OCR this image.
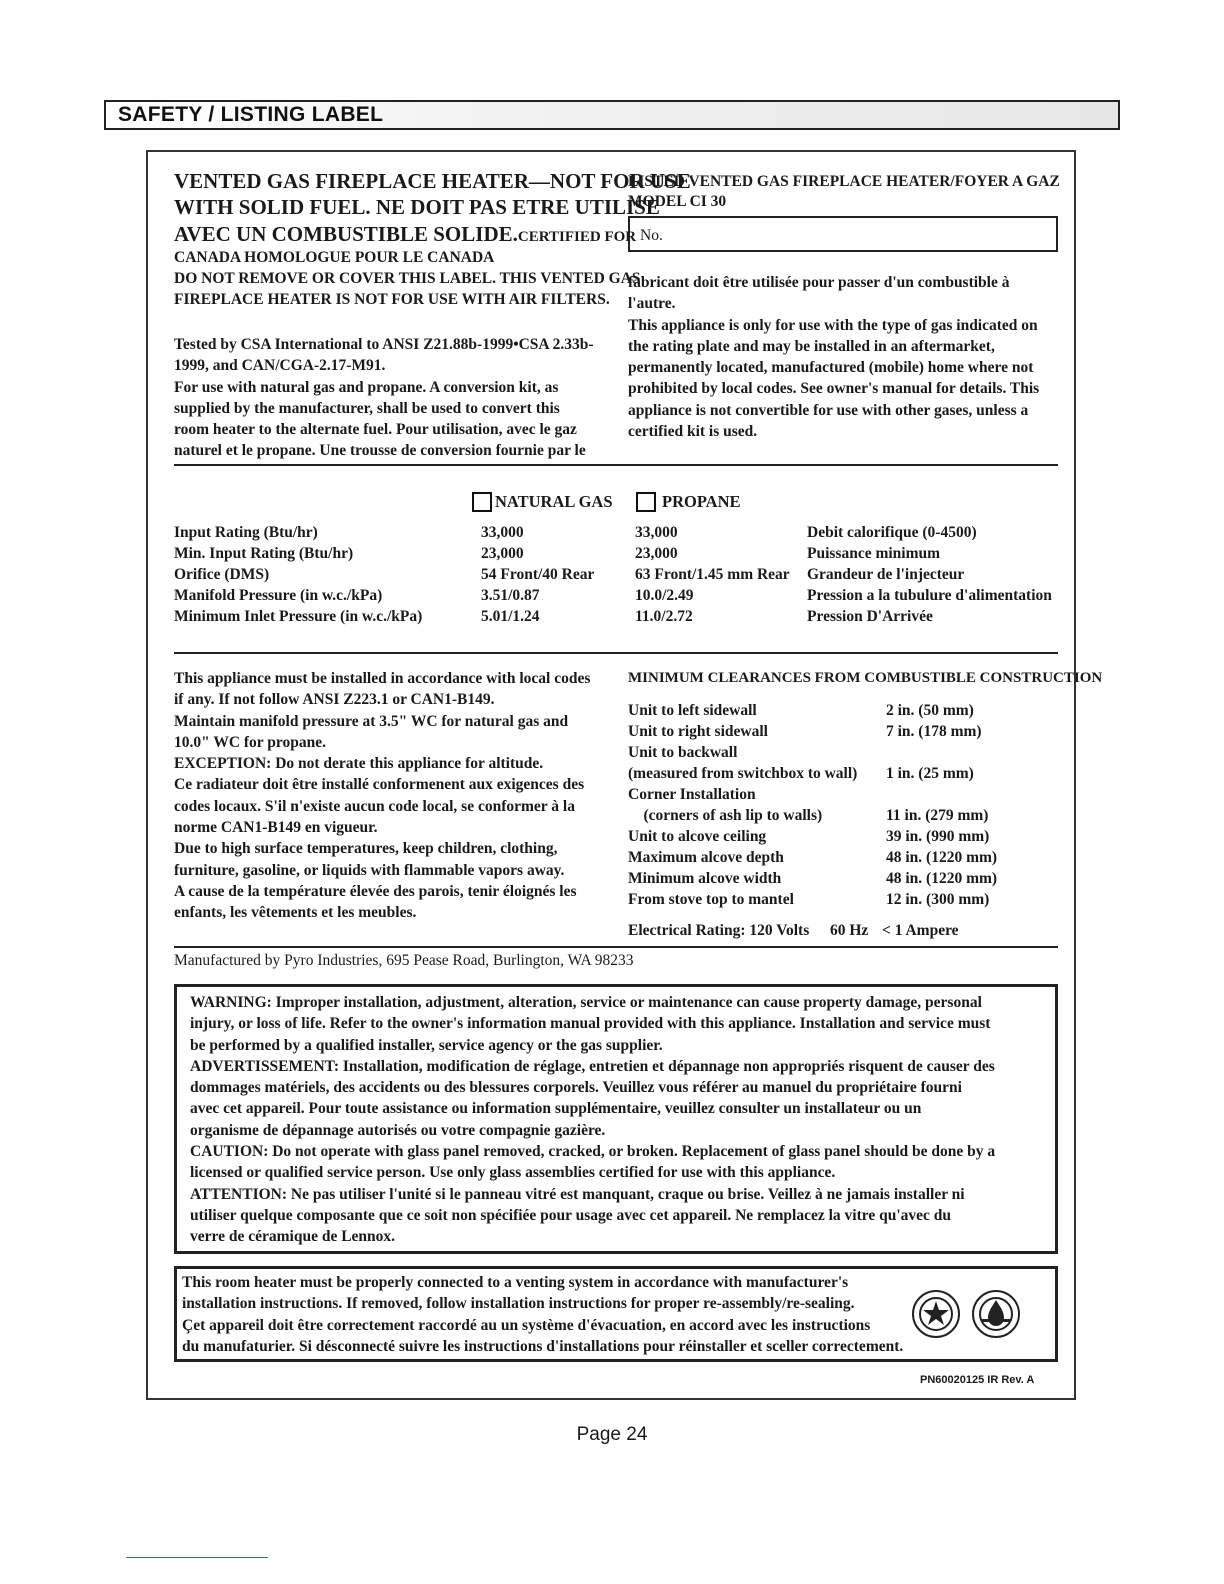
SAFETY / LISTING LABEL
VENTED GAS FIREPLACE HEATER—NOT FOR USE
WITH SOLID FUEL. NE DOIT PAS ETRE UTILISE
AVEC UN COMBUSTIBLE SOLIDE.CERTIFIED FOR
CANADA HOMOLOGUE POUR LE CANADA
DO NOT REMOVE OR COVER THIS LABEL. THIS VENTED GAS
FIREPLACE HEATER IS NOT FOR USE WITH AIR FILTERS.
Tested by CSA International to ANSI Z21.88b-1999•CSA 2.33b-
1999, and CAN/CGA-2.17-M91.
For use with natural gas and propane. A conversion kit, as
supplied by the manufacturer, shall be used to convert this
room heater to the alternate fuel. Pour utilisation, avec le gaz
naturel et le propane. Une trousse de conversion fournie par le
LISTED VENTED GAS FIREPLACE HEATER/FOYER A GAZ
MODEL CI 30
No.
fabricant doit être utilisée pour passer d'un combustible à
l'autre.
This appliance is only for use with the type of gas indicated on
the rating plate and may be installed in an aftermarket,
permanently located, manufactured (mobile) home where not
prohibited by local codes. See owner's manual for details. This
appliance is not convertible for use with other gases, unless a
certified kit is used.
NATURAL GAS	PROPANE
Input Rating (Btu/hr)
Min. Input Rating (Btu/hr)
Orifice (DMS)
Manifold Pressure (in w.c./kPa)
Minimum Inlet Pressure (in w.c./kPa)
33,000
23,000
54 Front/40 Rear
3.51/0.87
5.01/1.24
33,000
23,000
63 Front/1.45 mm Rear
10.0/2.49
11.0/2.72
Debit calorifique (0-4500)
Puissance minimum
Grandeur de l'injecteur
Pression a la tubulure d'alimentation
Pression D'Arrivée
This appliance must be installed in accordance with local codes
if any. If not follow ANSI Z223.1 or CAN1-B149.
Maintain manifold pressure at 3.5" WC for natural gas and
10.0" WC for propane.
EXCEPTION: Do not derate this appliance for altitude.
Ce radiateur doit être installé conformenent aux exigences des
codes locaux. S'il n'existe aucun code local, se conformer à la
norme CAN1-B149 en vigueur.
Due to high surface temperatures, keep children, clothing,
furniture, gasoline, or liquids with flammable vapors away.
A cause de la température élevée des parois, tenir éloignés les
enfants, les vêtements et les meubles.
MINIMUM CLEARANCES FROM COMBUSTIBLE CONSTRUCTION
Unit to left sidewall
Unit to right sidewall
Unit to backwall
(measured from switchbox to wall)
Corner Installation
(corners of ash lip to walls)
Unit to alcove ceiling
Maximum alcove depth
Minimum alcove width
From stove top to mantel
2 in. (50 mm)
7 in. (178 mm)

1 in. (25 mm)

11 in. (279 mm)
39 in. (990 mm)
48 in. (1220 mm)
48 in. (1220 mm)
12 in. (300 mm)
Electrical Rating: 120 Volts 60 Hz < 1 Ampere
Manufactured by Pyro Industries, 695 Pease Road, Burlington, WA 98233
WARNING: Improper installation, adjustment, alteration, service or maintenance can cause property damage, personal
injury, or loss of life. Refer to the owner's information manual provided with this appliance. Installation and service must
be performed by a qualified installer, service agency or the gas supplier.
ADVERTISSEMENT: Installation, modification de réglage, entretien et dépannage non appropriés risquent de causer des
dommages matériels, des accidents ou des blessures corporels. Veuillez vous référer au manuel du propriétaire fourni
avec cet appareil. Pour toute assistance ou information supplémentaire, veuillez consulter un installateur ou un
organisme de dépannage autorisés ou votre compagnie gazière.
CAUTION: Do not operate with glass panel removed, cracked, or broken. Replacement of glass panel should be done by a
licensed or qualified service person. Use only glass assemblies certified for use with this appliance.
ATTENTION: Ne pas utiliser l'unité si le panneau vitré est manquant, craque ou brise. Veillez à ne jamais installer ni
utiliser quelque composante que ce soit non spécifiée pour usage avec cet appareil. Ne remplacez la vitre qu'avec du
verre de céramique de Lennox.
This room heater must be properly connected to a venting system in accordance with manufacturer's
installation instructions. If removed, follow installation instructions for proper re-assembly/re-sealing.
Çet appareil doit être correctement raccordé au un système d'évacuation, en accord avec les instructions
du manufaturier. Si désconnecté suivre les instructions d'installations pour réinstaller et sceller correctement.
PN60020125 IR Rev. A
Page 24
